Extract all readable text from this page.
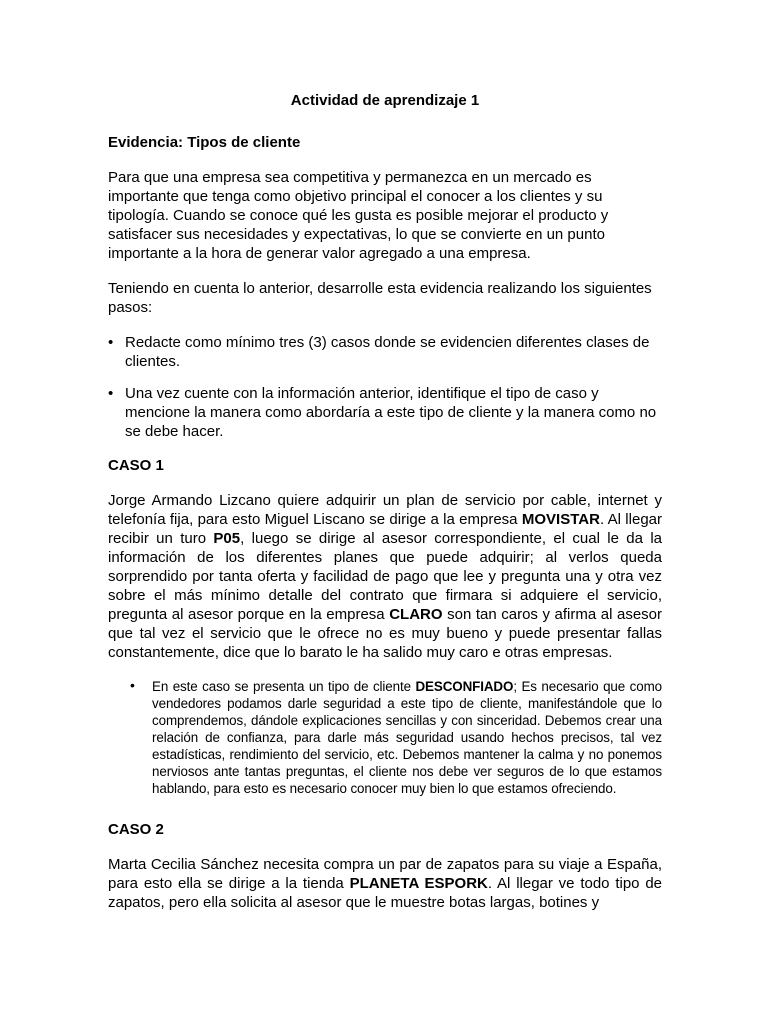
Actividad de aprendizaje 1
Evidencia: Tipos de cliente

Para que una empresa sea competitiva y permanezca en un mercado es importante que tenga como objetivo principal el conocer a los clientes y su tipología. Cuando se conoce qué les gusta es posible mejorar el producto y satisfacer sus necesidades y expectativas, lo que se convierte en un punto importante a la hora de generar valor agregado a una empresa.

Teniendo en cuenta lo anterior, desarrolle esta evidencia realizando los siguientes pasos:

• Redacte como mínimo tres (3) casos donde se evidencien diferentes clases de clientes.
• Una vez cuente con la información anterior, identifique el tipo de caso y mencione la manera como abordaría a este tipo de cliente y la manera como no se debe hacer.
CASO 1

Jorge Armando Lizcano quiere adquirir un plan de servicio por cable, internet y telefonía fija, para esto Miguel Liscano se dirige a la empresa MOVISTAR. Al llegar recibir un turo P05, luego se dirige al asesor correspondiente, el cual le da la información de los diferentes planes que puede adquirir; al verlos queda sorprendido por tanta oferta y facilidad de pago que lee y pregunta una y otra vez sobre el más mínimo detalle del contrato que firmara si adquiere el servicio, pregunta al asesor porque en la empresa CLARO son tan caros y afirma al asesor que tal vez el servicio que le ofrece no es muy bueno y puede presentar fallas constantemente, dice que lo barato le ha salido muy caro e otras empresas.

• En este caso se presenta un tipo de cliente DESCONFIADO; Es necesario que como vendedores podamos darle seguridad a este tipo de cliente, manifestándole que lo comprendemos, dándole explicaciones sencillas y con sinceridad. Debemos crear una relación de confianza, para darle más seguridad usando hechos precisos, tal vez estadísticas, rendimiento del servicio, etc. Debemos mantener la calma y no ponemos nerviosos ante tantas preguntas, el cliente nos debe ver seguros de lo que estamos hablando, para esto es necesario conocer muy bien lo que estamos ofreciendo.
CASO 2

Marta Cecilia Sánchez necesita compra un par de zapatos para su viaje a España, para esto ella se dirige a la tienda PLANETA ESPORK. Al llegar ve todo tipo de zapatos, pero ella solicita al asesor que le muestre botas largas, botines y
